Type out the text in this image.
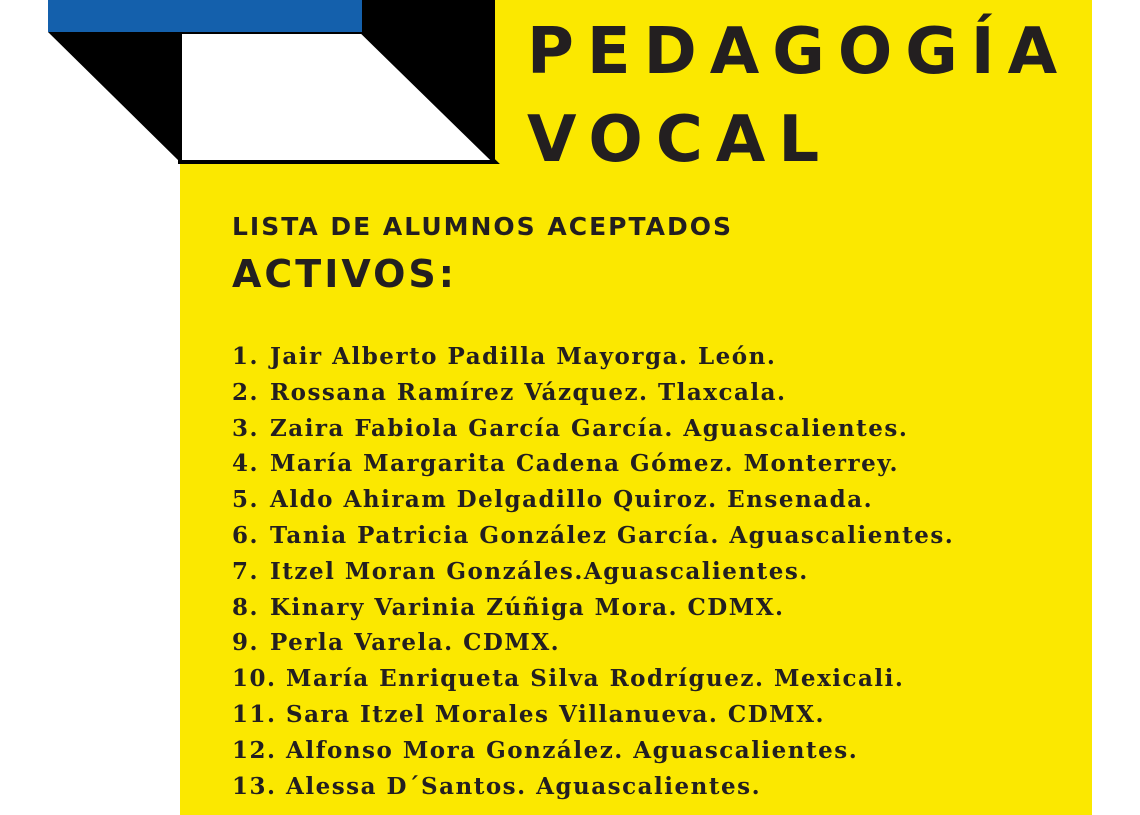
PEDAGOGÍA
VOCAL
LISTA DE ALUMNOS ACEPTADOS
ACTIVOS:
1. Jair Alberto Padilla Mayorga. León.
2. Rossana Ramírez Vázquez. Tlaxcala.
3. Zaira Fabiola García García. Aguascalientes.
4. María Margarita Cadena Gómez. Monterrey.
5. Aldo Ahiram Delgadillo Quiroz. Ensenada.
6. Tania Patricia González García. Aguascalientes.
7. Itzel Moran Gonzáles.Aguascalientes.
8. Kinary Varinia Zúñiga Mora. CDMX.
9. Perla Varela. CDMX.
10. María Enriqueta Silva Rodríguez. Mexicali.
11. Sara Itzel Morales Villanueva. CDMX.
12. Alfonso Mora González. Aguascalientes.
13. Alessa D´Santos. Aguascalientes.
